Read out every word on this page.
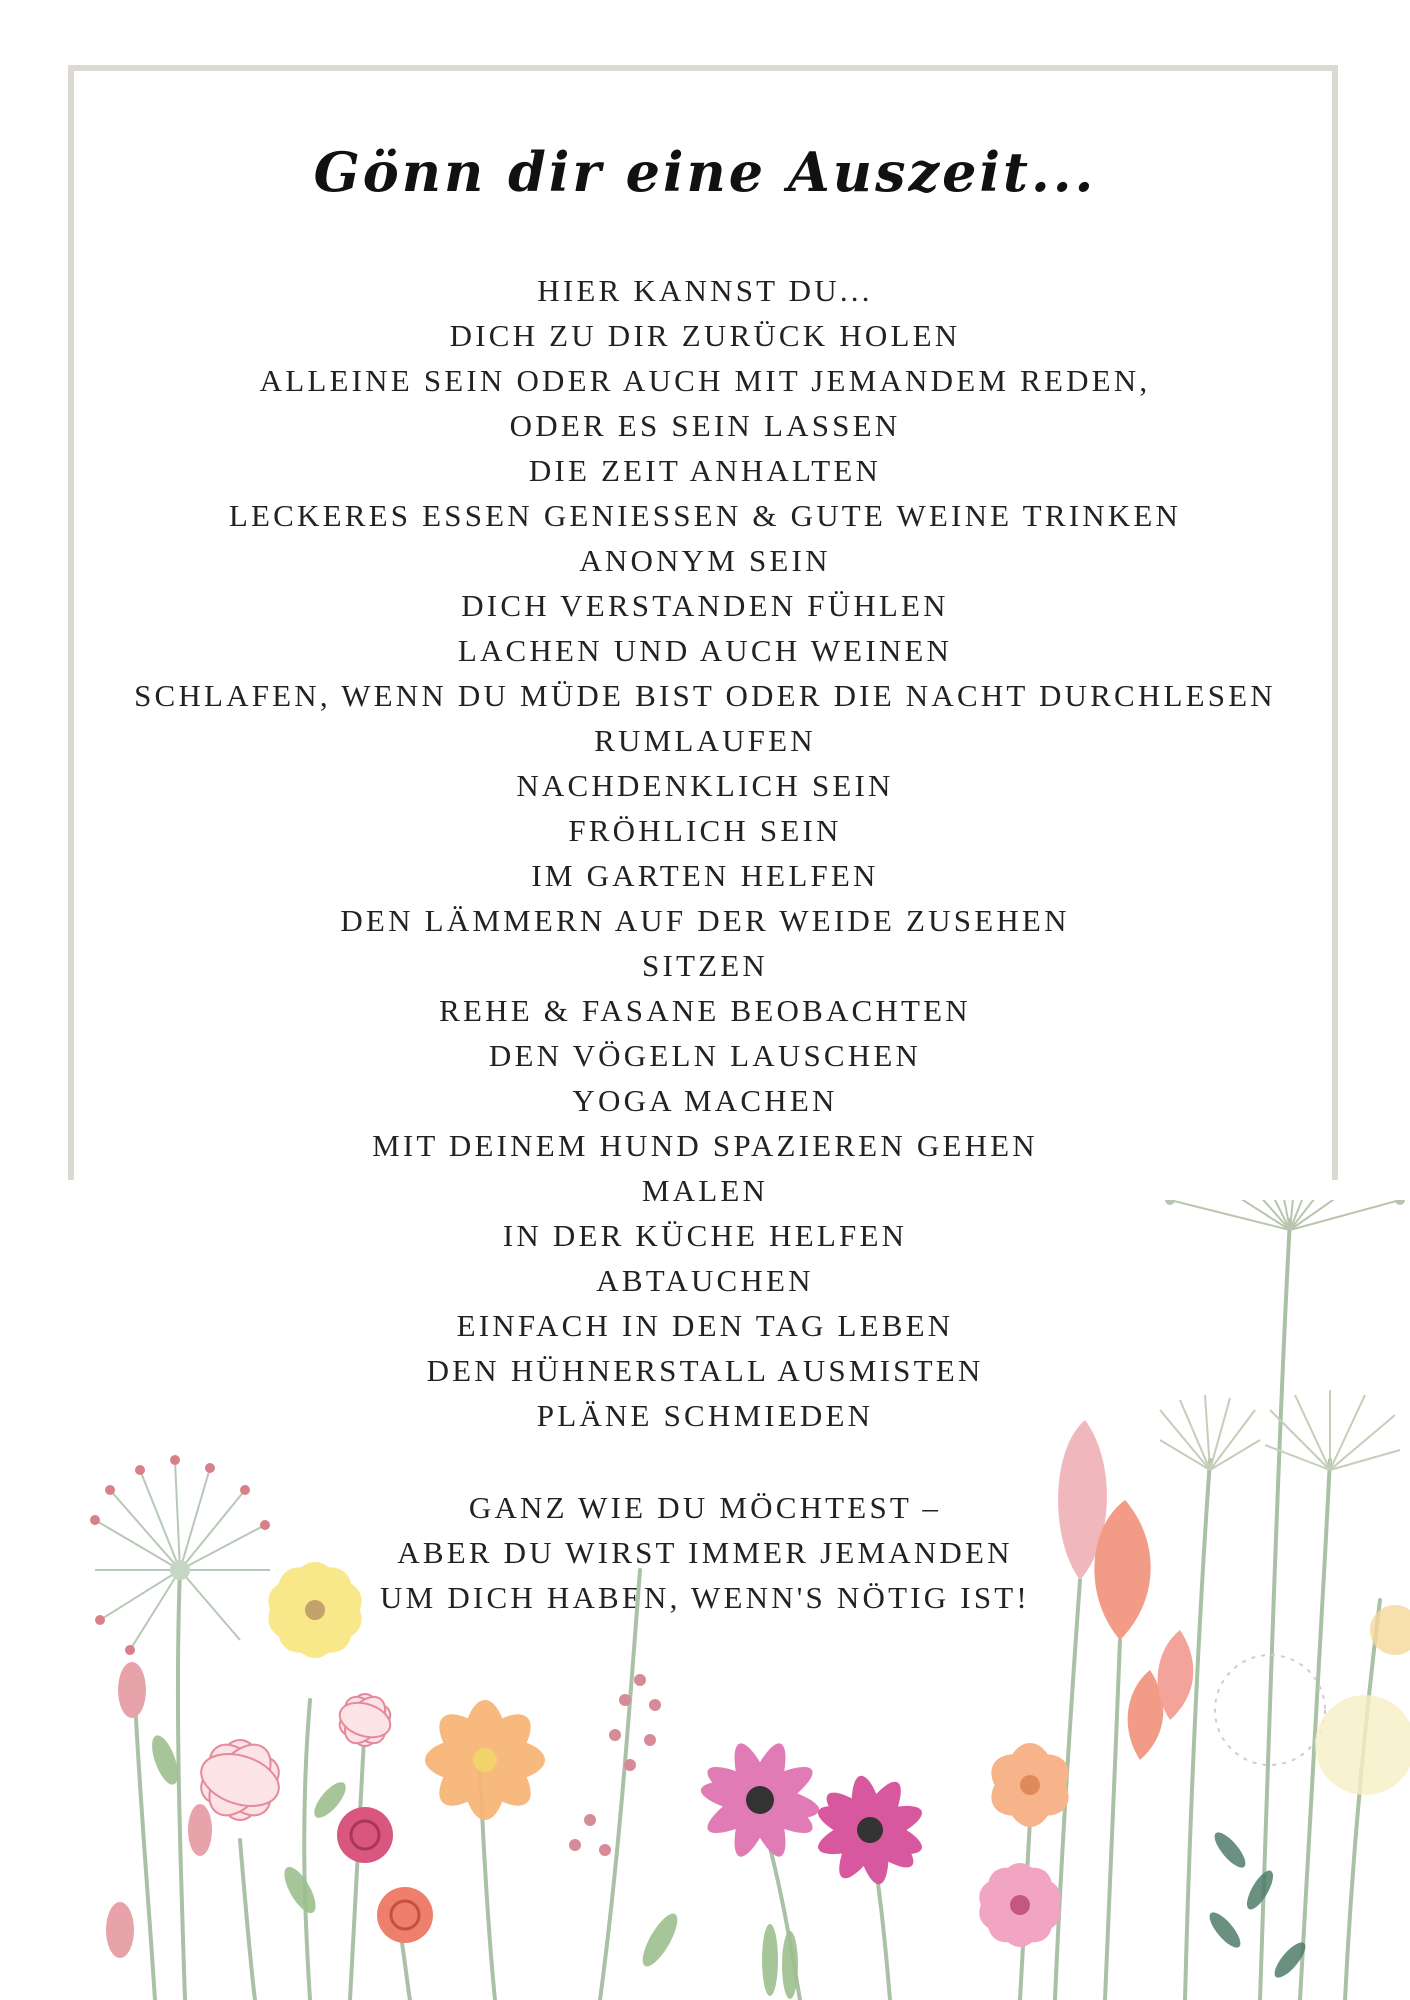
Gönn dir eine Auszeit...
HIER KANNST DU...
DICH ZU DIR ZURÜCK HOLEN
ALLEINE SEIN ODER AUCH MIT JEMANDEM REDEN,
ODER ES SEIN LASSEN
DIE ZEIT ANHALTEN
LECKERES ESSEN GENIESSEN & GUTE WEINE TRINKEN
ANONYM SEIN
DICH VERSTANDEN FÜHLEN
LACHEN UND AUCH WEINEN
SCHLAFEN, WENN DU MÜDE BIST ODER DIE NACHT DURCHLESEN
RUMLAUFEN
NACHDENKLICH SEIN
FRÖHLICH SEIN
IM GARTEN HELFEN
DEN LÄMMERN AUF DER WEIDE ZUSEHEN
SITZEN
REHE & FASANE BEOBACHTEN
DEN VÖGELN LAUSCHEN
YOGA MACHEN
MIT DEINEM HUND SPAZIEREN GEHEN
MALEN
IN DER KÜCHE HELFEN
ABTAUCHEN
EINFACH IN DEN TAG LEBEN
DEN HÜHNERSTALL AUSMISTEN
PLÄNE SCHMIEDEN
GANZ WIE DU MÖCHTEST –
ABER DU WIRST IMMER JEMANDEN
UM DICH HABEN, WENN'S NÖTIG IST!
